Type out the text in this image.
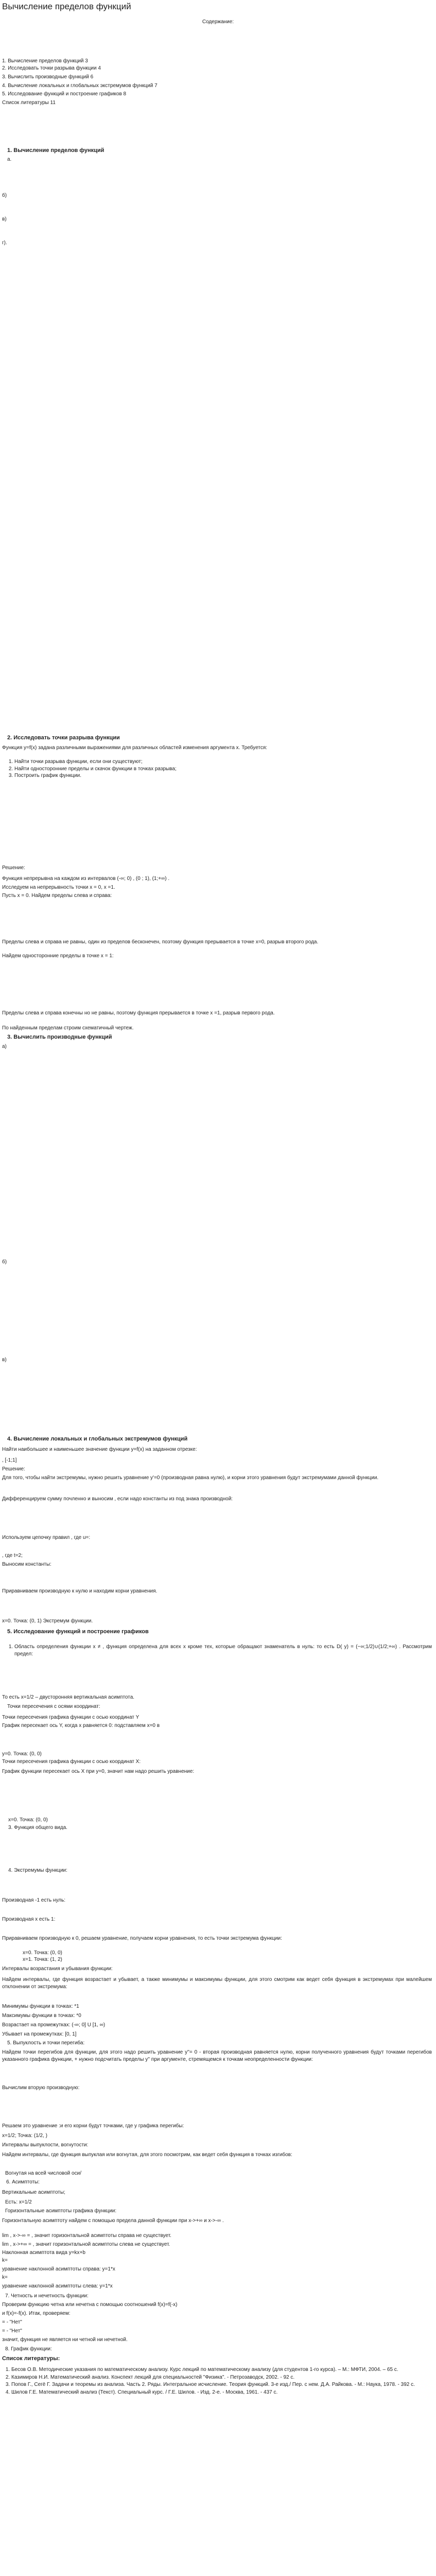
Вычисление пределов функций
Содержание:
1. Вычисление пределов функций 3
2. Исследовать точки разрыва функции 4
3. Вычислить производные функций 6
4. Вычисление локальных и глобальных экстремумов функций 7
5. Исследование функций и построение графиков 8
Список литературы 11
1. Вычисление пределов функций
а.
б)
в)
г).
2. Исследовать точки разрыва функции
Функция y=f(x) задана различными выражениями для различных областей изменения аргумента x. Требуется:
1. Найти точки разрыва функции, если они существуют;
2. Найти односторонние пределы и скачок функции в точках разрыва;
3. Построить график функции.
Решение:
Функция непрерывна на каждом из интервалов (-∞; 0) , (0 ; 1), (1;+∞) .
Исследуем на непрерывность точки x = 0, x =1.
Пусть x = 0. Найдем пределы слева и справа:
Пределы слева и справа не равны, один из пределов бесконечен, поэтому функция прерывается в точке x=0, разрыв второго рода.
Найдем односторонние пределы в точке x = 1:
Пределы слева и справа конечны но не равны, поэтому функция прерывается в точке x =1, разрыв первого рода.
По найденным пределам строим схематичный чертеж.
3. Вычислить производные функций
а)
б)
в)
4. Вычисление локальных и глобальных экстремумов функций
Найти наибольшее и наименьшее значение функции y=f(x) на заданном отрезке:
, [-1;1]
Решение:
Для того, чтобы найти экстремумы, нужно решить уравнение y'=0 (производная равна нулю), и корни этого уравнения будут экстремумами данной функции.
Дифференцируем сумму почленно и выносим , если надо константы из под знака производной:
Используем цепочку правил , где u=:
, где t=2;
Выносим константы:
Приравниваем производную к нулю и находим корни уравнения.
x=0. Точка: (0, 1) Экстремум функции.
5. Исследование функций и построение графиков
1. Область определения функции x ≠ , функция определена для всех x кроме тех, которые обращают знаменатель в нуль: то есть D( y) = (−∞;1/2)∪(1/2;+∞) . Рассмотрим предел:
То есть x=1/2 – двусторонняя вертикальная асимптота.
Точки пересечения с осями координат:
Точки пересечения графика функции с осью координат Y
График пересекает ось Y, когда x равняется 0: подставляем x=0 в
y=0. Точка: (0, 0)
Точки пересечения графика функции с осью координат X:
График функции пересекает ось X при y=0, значит нам надо решить уравнение:
x=0. Точка: (0, 0)
3. Функция общего вида.
4. Экстремумы функции:
Производная -1 есть нуль:
Производная x есть 1:
Приравниваем производную к 0, решаем уравнение, получаем корни уравнения, то есть точки экстремума функции:
x=0. Точка: (0, 0)
x=1. Точка: (1, 2)
Интервалы возрастания и убывания функции:
Найдем интервалы, где функция возрастает и убывает, а также минимумы и максимумы функции, для этого смотрим как ведет себя функция в экстремумах при малейшем отклонении от экстремума:
Минимумы функции в точках: *1
Максимумы функции в точках: *0
Возрастает на промежутках: (-∞; 0] U [1, ∞)
Убывает на промежутках: [0, 1]
5. Выпуклость и точки перегиба:
Найдем точки перегибов для функции, для этого надо решить уравнение y''= 0 - вторая производная равняется нулю, корни полученного уравнения будут точками перегибов указанного графика функции, + нужно подсчитать пределы y'' при аргументе, стремящемся к точкам неопределенности функции:
Вычислим вторую производную:
Решаем это уравнение :и его корни будут точками, где у графика перегибы:
x=1/2; Точка: (1/2, )
Интервалы выпуклости, вогнутости:
Найдем интервалы, где функция выпуклая или вогнутая, для этого посмотрим, как ведет себя функция в точках изгибов:
Вогнутая на всей числовой оси/
6. Асимптоты:
Вертикальные асимптоты;
Есть: x=1/2
Горизонтальные асимптоты графика функции:
Горизонтальную асимптоту найдем с помощью предела данной функции при x->+∞ и x->-∞ .
lim , x->-∞ = , значит горизонтальной асимптоты справа не существует.
lim , x->+∞ = , значит горизонтальной асимптоты слева не существует.
Наклонная асимптота вида y=kx+b
k=
уравнение наклонной асимптоты справа: y=1*x
k=
уравнение наклонной асимптоты слева: y=1*x
7. Четность и нечетность функции:
Проверим функцию четна или нечетна с помощью соотношений f(x)=f(-x)
и f(x)=-f(x). Итак, проверяем:
= - "Нет"
= - "Нет"
значит, функция не является ни четной ни нечетной.
8. График функции:
Список литературы:
1. Бесов О.В. Методические указания по математическому анализу. Курс лекций по математическому анализу (для студентов 1-го курса). – М.: МФТИ, 2004. – 65 с.
2. Казимиров Н.И. Математический анализ. Конспект лекций для специальностей "Физика". - Петрозаводск, 2002. - 92 с.
3. Попов Г., Сегё Г. Задачи и теоремы из анализа. Часть 2. Ряды. Интегральное исчисление. Теория функций. 3-е изд./ Пер. с нем. Д.А. Райкова. - М.: Наука, 1978. - 392 с.
4. Шилов Г.Е. Математический анализ (Текст). Специальный курс. / Г.Е. Шилов. - Изд. 2-е. - Москва, 1961. - 437 с.
